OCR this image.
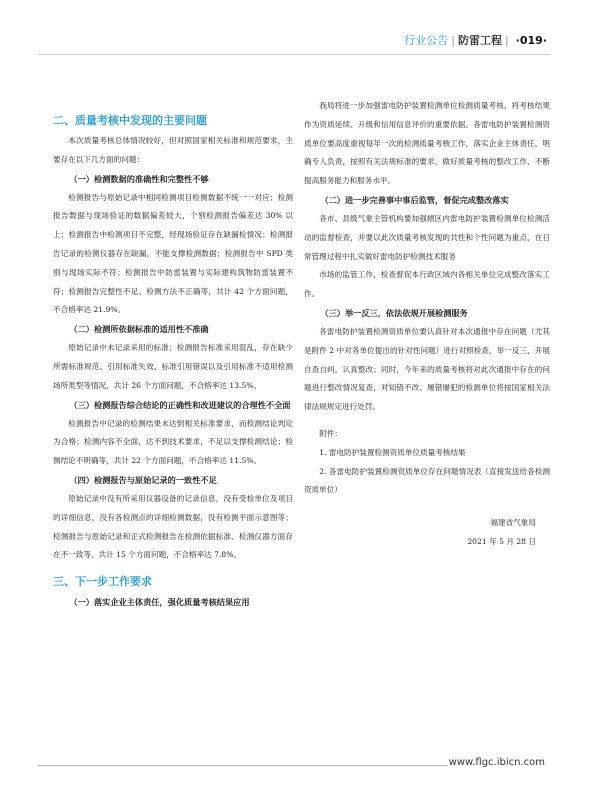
行业公告 | 防雷工程 | ·019·

二、质量考核中发现的主要问题

本次质量考核总体情况较好，但对照国家相关标准和规范要求，主要存在以下几方面的问题：

（一）检测数据的准确性和完整性不够

检测报告与原始记录中相同检测项目检测数据不统一一对应；检测报告数据与现场验证的数据偏差较大，个别检测报告偏差达 30% 以上；检测报告中检测项目不完整，经现场验证存在缺漏检情况；检测报告记录的检测仪器存在缺漏，不能支撑检测数据；检测报告中 SPD 类别与现场实际不符；检测报告中防雷装置与实际建构筑物防雷装置不符；检测报告完整性不足、检测方法不正确等，共计 42 个方面问题，不合格率达 21.9%。

（二）检测所依据标准的适用性不准确

原始记录中未记录采用的标准；检测报告标准采用混乱，存在缺少所需标准规范、引用标准失效、标准引用错误以及引用标准不适用检测场所类型等情况，共计 26 个方面问题，不合格率达 13.5%。

（三）检测报告综合结论的正确性和改进建议的合理性不全面

检测报告中记录的检测结果未达到相关标准要求，而检测结论判定为合格；检测内容不全面，达不到技术要求，不足以支撑检测结论；检测结论不明确等，共计 22 个方面问题，不合格率达 11.5%。

（四）检测报告与原始记录的一致性不足

原始记录中没有所采用仪器设备的记录信息，没有受检单位及项目的详细信息，没有各检测点的详细检测数据，没有检测平面示意图等；检测报告与原始记录和正式检测报告在检测依据标准、检测仪器方面存在不一致等，共计 15 个方面问题，不合格率达 7.8%。

三、下一步工作要求

（一）落实企业主体责任，强化质量考核结果应用

我局将进一步加强雷电防护装置检测单位检测质量考核，将考核结果作为资质延续、升级和信用信息评价的重要依据。各雷电防护装置检测资质单位要高度重视每年一次的检测质量考核工作，落实企业主体责任，明确专人负责，按照有关法规标准的要求，做好质量考核的整改工作，不断提高服务能力和服务水平。

（二）进一步完善事中事后监管，督促完成整改落实

各市、县级气象主管机构要加强辖区内雷电防护装置检测单位检测活动的监督检查，并要以此次质量考核发现的共性和个性问题为重点，在日常管理过程中扎实做好雷电防护检测技术服务

市场的监管工作，检查督促本行政区域内各相关单位完成整改落实工作。

（三）举一反三，依法依规开展检测服务

各雷电防护装置检测资质单位要认真针对本次通报中存在问题（尤其是附件 2 中对各单位提出的针对性问题）进行对照检查，举一反三，开展自查自纠，认真整改；同时，今年来的质量考核将对此次通报中存在的问题进行整改情况复查，对知错不改、屡错屡犯的检测单位将按国家相关法律法规规定进行处罚。

附件：

1. 雷电防护装置检测资质单位质量考核结果

2. 各雷电防护装置检测资质单位存在问题情况表（直接发送给各检测资质单位）

福建省气象局

2021 年 5 月 28 日

www.flgc.ibicn.com
